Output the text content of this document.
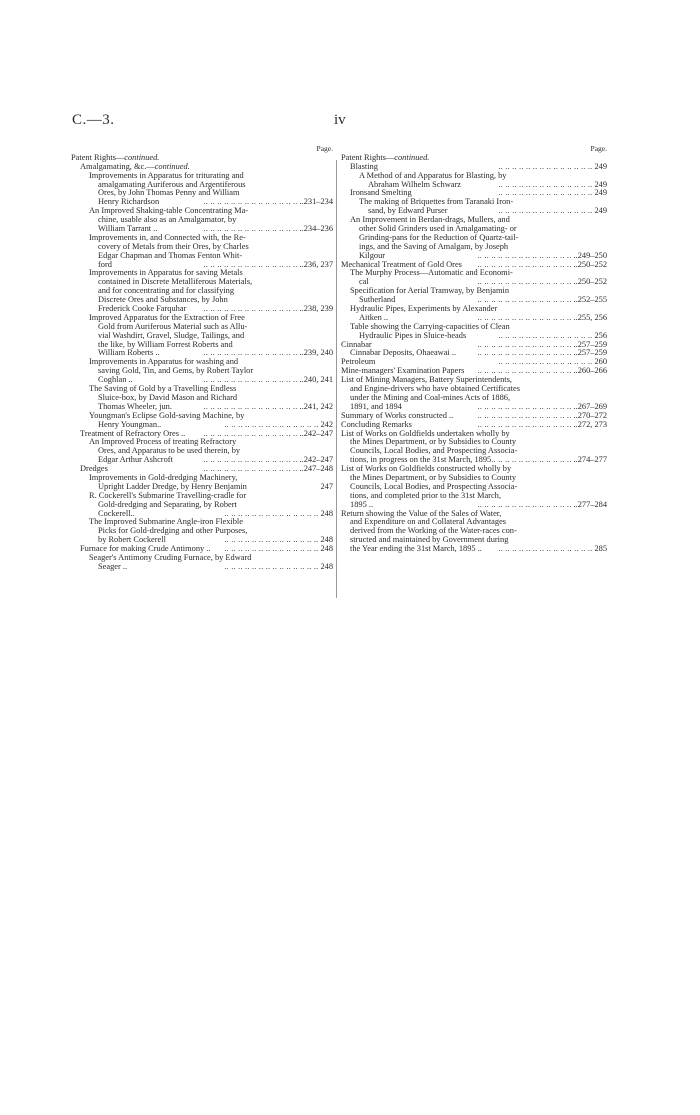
C.—3.	iv
Page.
Patent Rights—continued.
Amalgamating, &c.—continued.
Improvements in Apparatus for triturating and
amalgamating Auriferous and Argentiferous
Ores, by John Thomas Penny and William
Henry Richardson .. .	..231–234
An Improved Shaking-table Concentrating Ma-
chine, usable also as an Amalgamator, by
William Tarrant .. .. .	..234–236
Improvements in, and Connected with, the Re-
covery of Metals from their Ores, by Charles
Edgar Chapman and Thomas Fenton Whit-
ford .. .	..236, 237
Improvements in Apparatus for saving Metals
contained in Discrete Metalliferous Materials,
and for concentrating and for classifying
Discrete Ores and Substances, by John
Frederick Cooke Farquhar .. .	..238, 239
Improved Apparatus for the Extraction of Free
Gold from Auriferous Material such as Allu-
vial Washdirt, Gravel, Sludge, Tailings, and
the like, by William Forrest Roberts and
William Roberts .. .. .	..239, 240
Improvements in Apparatus for washing and
saving Gold, Tin, and Gems, by Robert Taylor
Coghlan .. .. .	..240, 241
The Saving of Gold by a Travelling Endless
Sluice-box, by David Mason and Richard
Thomas Wheeler, jun. .. .	..241, 242
Youngman's Eclipse Gold-saving Machine, by
Henry Youngman.. .. .	242
Treatment of Refractory Ores .. .. .	..242–247
An Improved Process of treating Refractory
Ores, and Apparatus to be used therein, by
Edgar Arthur Ashcroft .. .	..242–247
Dredges .. .	..247–248
Improvements in Gold-dredging Machinery,
Upright Ladder Dredge, by Henry Benjamin	247
R. Cockerell's Submarine Travelling-cradle for
Gold-dredging and Separating, by Robert
Cockerell.. .. .	248
The Improved Submarine Angle-iron Flexible
Picks for Gold-dredging and other Purposes,
by Robert Cockerell .. .	248
Furnace for making Crude Antimony .. .. .	248
Seager's Antimony Cruding Furnace, by Edward
Seager .. .. .	248
Page.
Patent Rights—continued.
Blasting .. .	249
A Method of and Apparatus for Blasting, by
Abraham Wilhelm Schwarz .. .	249
Ironsand Smelting .. .	249
The making of Briquettes from Taranaki Iron-
sand, by Edward Purser .. .	249
An Improvement in Berdan-drags, Mullers, and
other Solid Grinders used in Amalgamating- or
Grinding-pans for the Reduction of Quartz-tail-
ings, and the Saving of Amalgam, by Joseph
Kilgour .. .	..249–250
Mechanical Treatment of Gold Ores .. .	..250–252
The Murphy Process—Automatic and Economi-
cal .. .	..250–252
Specification for Aerial Tramway, by Benjamin
Sutherland .. .	..252–255
Hydraulic Pipes, Experiments by Alexander
Aitken .. .. .	..255, 256
Table showing the Carrying-capacities of Clean
Hydraulic Pipes in Sluice-heads .. .	256
Cinnabar .. .	..257–259
Cinnabar Deposits, Ohaeawai .. .. .	..257–259
Petroleum .. .	260
Mine-managers' Examination Papers .. .	..260–266
List of Mining Managers, Battery Superintendents,
and Engine-drivers who have obtained Certificates
under the Mining and Coal-mines Acts of 1886,
1891, and 1894 .. .	..267–269
Summary of Works constructed .. .. .	..270–272
Concluding Remarks .. .	..272, 273
List of Works on Goldfields undertaken wholly by
the Mines Department, or by Subsidies to County
Councils, Local Bodies, and Prospecting Associa-
tions, in progress on the 31st March, 1895 .. .	..274–277
List of Works on Goldfields constructed wholly by
the Mines Department, or by Subsidies to County
Councils, Local Bodies, and Prospecting Associa-
tions, and completed prior to the 31st March,
1895 .. .. .	..277–284
Return showing the Value of the Sales of Water,
and Expenditure on and Collateral Advantages
derived from the Working of the Water-races con-
structed and maintained by Government during
the Year ending the 31st March, 1895 .. .. .	285
